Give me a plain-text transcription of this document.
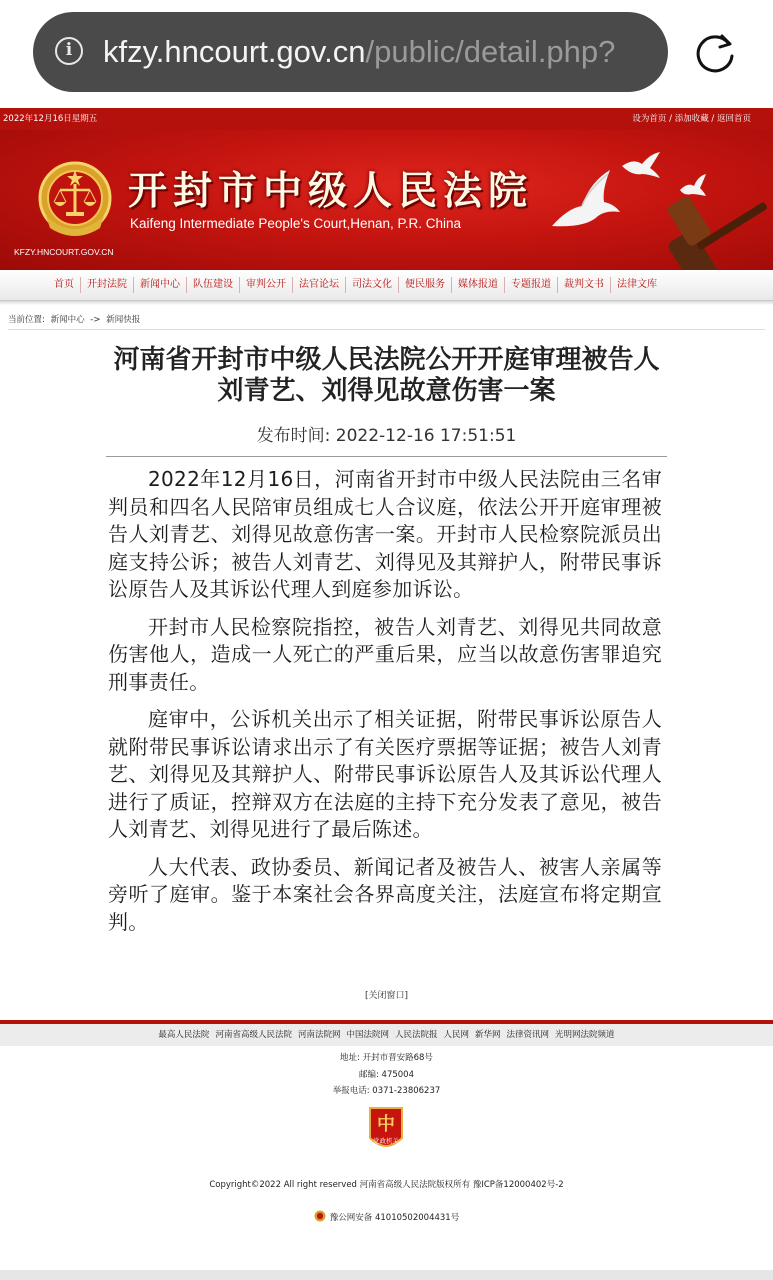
i kfzy.hncourt.gov.cn/public/detail.php?
2022年12月16日星期五	设为首页 / 添加收藏 / 返回首页
开封市中级人民法院
Kaifeng Intermediate People's Court,Henan, P.R. China
KFZY.HNCOURT.GOV.CN
首页	开封法院	新闻中心	队伍建设	审判公开	法官论坛	司法文化	便民服务	媒体报道	专题报道	裁判文书	法律文库
当前位置: 新闻中心 -> 新闻快报
河南省开封市中级人民法院公开开庭审理被告人
刘青艺、刘得见故意伤害一案
发布时间: 2022-12-16 17:51:51

2022年12月16日，河南省开封市中级人民法院由三名审判员和四名人民陪审员组成七人合议庭，依法公开开庭审理被告人刘青艺、刘得见故意伤害一案。开封市人民检察院派员出庭支持公诉；被告人刘青艺、刘得见及其辩护人，附带民事诉讼原告人及其诉讼代理人到庭参加诉讼。

开封市人民检察院指控，被告人刘青艺、刘得见共同故意伤害他人，造成一人死亡的严重后果，应当以故意伤害罪追究刑事责任。

庭审中，公诉机关出示了相关证据，附带民事诉讼原告人就附带民事诉讼请求出示了有关医疗票据等证据；被告人刘青艺、刘得见及其辩护人、附带民事诉讼原告人及其诉讼代理人进行了质证，控辩双方在法庭的主持下充分发表了意见，被告人刘青艺、刘得见进行了最后陈述。

人大代表、政协委员、新闻记者及被告人、被害人亲属等旁听了庭审。鉴于本案社会各界高度关注，法庭宣布将定期宣判。

[关闭窗口]
最高人民法院 河南省高级人民法院 河南法院网 中国法院网 人民法院报 人民网 新华网 法律资讯网 光明网法院频道
地址: 开封市晋安路68号
邮编: 475004
举报电话: 0371-23806237
中
党政机关
Copyright©2022 All right reserved 河南省高级人民法院版权所有 豫ICP备12000402号-2
豫公网安备 41010502004431号
